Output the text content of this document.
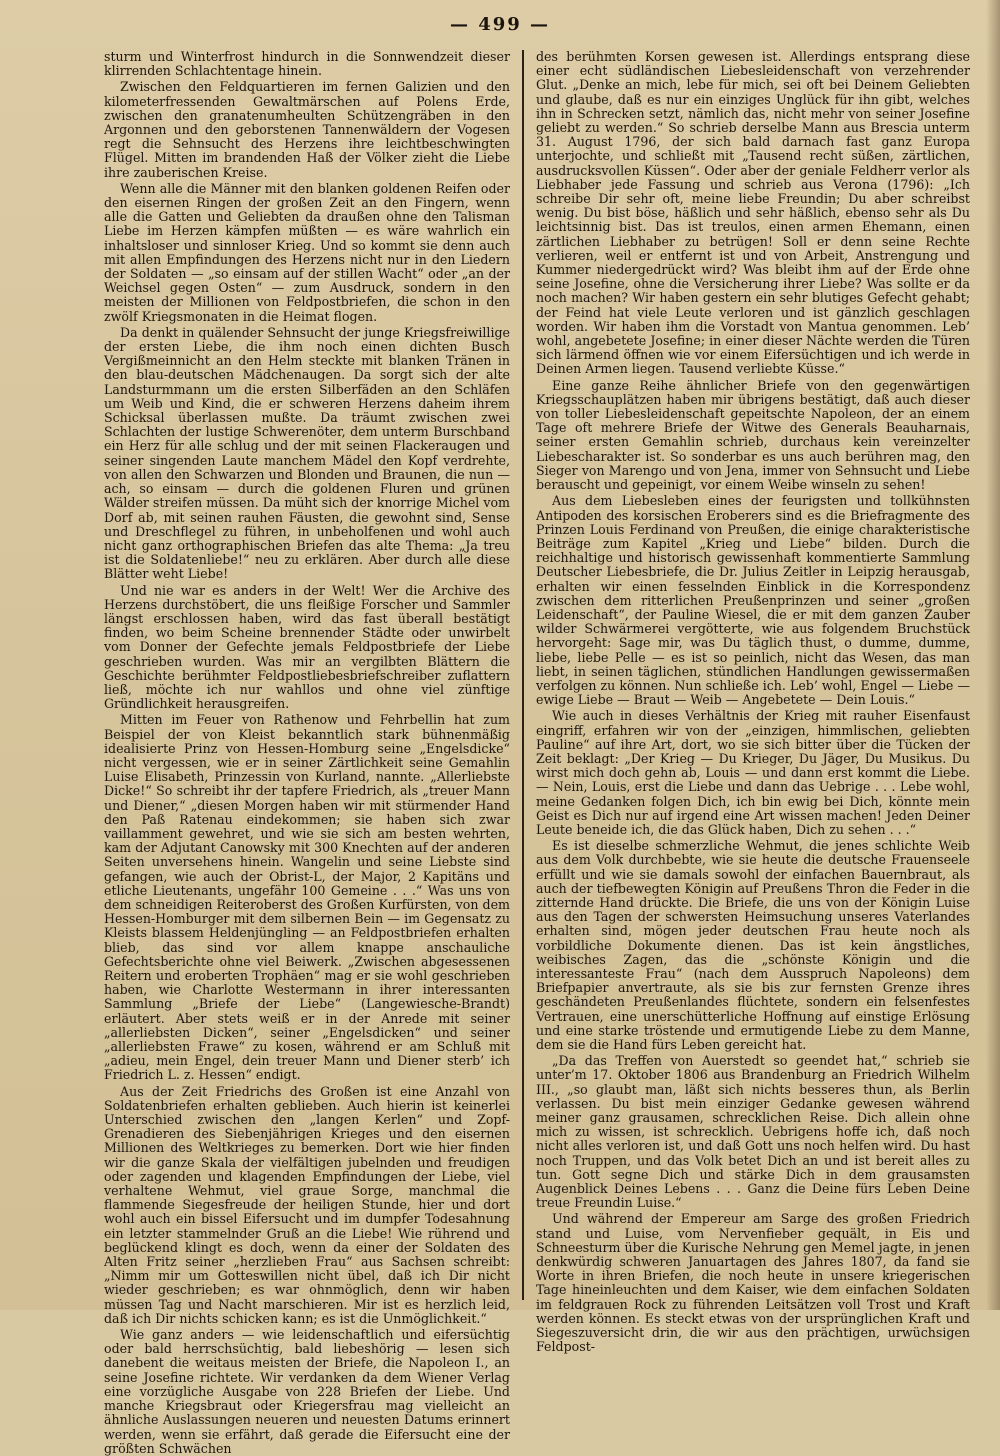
— 499 —

sturm und Winterfrost hindurch in die Sonnwendzeit dieser klirrenden Schlachtentage hinein.

Zwischen den Feldquartieren im fernen Galizien und den kilometerfressenden Gewaltmärschen auf Polens Erde, zwischen den granatenumheulten Schützengräben in den Argonnen und den geborstenen Tannenwäldern der Vogesen regt die Sehnsucht des Herzens ihre leichtbeschwingten Flügel. Mitten im brandenden Haß der Völker zieht die Liebe ihre zauberischen Kreise.

Wenn alle die Männer mit den blanken goldenen Reifen oder den eisernen Ringen der großen Zeit an den Fingern, wenn alle die Gatten und Geliebten da draußen ohne den Talisman Liebe im Herzen kämpfen müßten — es wäre wahrlich ein inhaltsloser und sinnloser Krieg. Und so kommt sie denn auch mit allen Empfindungen des Herzens nicht nur in den Liedern der Soldaten — „so einsam auf der stillen Wacht“ oder „an der Weichsel gegen Osten“ — zum Ausdruck, sondern in den meisten der Millionen von Feldpostbriefen, die schon in den zwölf Kriegsmonaten in die Heimat flogen.

Da denkt in quälender Sehnsucht der junge Kriegsfreiwillige der ersten Liebe, die ihm noch einen dichten Busch Vergißmeinnicht an den Helm steckte mit blanken Tränen in den blau-deutschen Mädchenaugen. Da sorgt sich der alte Landsturmmann um die ersten Silberfäden an den Schläfen um Weib und Kind, die er schweren Herzens daheim ihrem Schicksal überlassen mußte. Da träumt zwischen zwei Schlachten der lustige Schwerenöter, dem unterm Burschband ein Herz für alle schlug und der mit seinen Flackeraugen und seiner singenden Laute manchem Mädel den Kopf verdrehte, von allen den Schwarzen und Blonden und Braunen, die nun — ach, so einsam — durch die goldenen Fluren und grünen Wälder streifen müssen. Da müht sich der knorrige Michel vom Dorf ab, mit seinen rauhen Fäusten, die gewohnt sind, Sense und Dreschflegel zu führen, in unbeholfenen und wohl auch nicht ganz orthographischen Briefen das alte Thema: „Ja treu ist die Soldatenliebe!“ neu zu erklären. Aber durch alle diese Blätter weht Liebe!

Und nie war es anders in der Welt! Wer die Archive des Herzens durchstöbert, die uns fleißige Forscher und Sammler längst erschlossen haben, wird das fast überall bestätigt finden, wo beim Scheine brennender Städte oder unwirbelt vom Donner der Gefechte jemals Feldpostbriefe der Liebe geschrieben wurden. Was mir an vergilbten Blättern die Geschichte berühmter Feldpostliebesbriefschreiber zuflattern ließ, möchte ich nur wahllos und ohne viel zünftige Gründlichkeit herausgreifen.

Mitten im Feuer von Rathenow und Fehrbellin hat zum Beispiel der von Kleist bekanntlich stark bühnenmäßig idealisierte Prinz von Hessen-Homburg seine „Engelsdicke“ nicht vergessen, wie er in seiner Zärtlichkeit seine Gemahlin Luise Elisabeth, Prinzessin von Kurland, nannte. „Allerliebste Dicke!“ So schreibt ihr der tapfere Friedrich, als „treuer Mann und Diener,“ „diesen Morgen haben wir mit stürmender Hand den Paß Ratenau eindekommen; sie haben sich zwar vaillamment gewehret, und wie sie sich am besten wehrten, kam der Adjutant Canowsky mit 300 Knechten auf der anderen Seiten unversehens hinein. Wangelin und seine Liebste sind gefangen, wie auch der Obrist-L, der Major, 2 Kapitäns und etliche Lieutenants, ungefähr 100 Gemeine . . .“ Was uns von dem schneidigen Reiteroberst des Großen Kurfürsten, von dem Hessen-Homburger mit dem silbernen Bein — im Gegensatz zu Kleists blassem Heldenjüngling — an Feldpostbriefen erhalten blieb, das sind vor allem knappe anschauliche Gefechtsberichte ohne viel Beiwerk. „Zwischen abgesessenen Reitern und eroberten Trophäen“ mag er sie wohl geschrieben haben, wie Charlotte Westermann in ihrer interessanten Sammlung „Briefe der Liebe“ (Langewiesche-Brandt) erläutert. Aber stets weiß er in der Anrede mit seiner „allerliebsten Dicken“, seiner „Engelsdicken“ und seiner „allerliebsten Frawe“ zu kosen, während er am Schluß mit „adieu, mein Engel, dein treuer Mann und Diener sterb’ ich Friedrich L. z. Hessen“ endigt.

Aus der Zeit Friedrichs des Großen ist eine Anzahl von Soldatenbriefen erhalten geblieben. Auch hierin ist keinerlei Unterschied zwischen den „langen Kerlen“ und Zopf-Grenadieren des Siebenjährigen Krieges und den eisernen Millionen des Weltkrieges zu bemerken. Dort wie hier finden wir die ganze Skala der vielfältigen jubelnden und freudigen oder zagenden und klagenden Empfindungen der Liebe, viel verhaltene Wehmut, viel graue Sorge, manchmal die flammende Siegesfreude der heiligen Stunde, hier und dort wohl auch ein bissel Eifersucht und im dumpfer Todesahnung ein letzter stammelnder Gruß an die Liebe! Wie rührend und beglückend klingt es doch, wenn da einer der Soldaten des Alten Fritz seiner „herzlieben Frau“ aus Sachsen schreibt: „Nimm mir um Gotteswillen nicht übel, daß ich Dir nicht wieder geschrieben; es war ohnmöglich, denn wir haben müssen Tag und Nacht marschieren. Mir ist es herzlich leid, daß ich Dir nichts schicken kann; es ist die Unmöglichkeit.“

Wie ganz anders — wie leidenschaftlich und eifersüchtig oder bald herrschsüchtig, bald liebeshörig — lesen sich danebent die weitaus meisten der Briefe, die Napoleon I., an seine Josefine richtete. Wir verdanken da dem Wiener Verlag eine vorzügliche Ausgabe von 228 Briefen der Liebe. Und manche Kriegsbraut oder Kriegersfrau mag vielleicht an ähnliche Auslassungen neueren und neuesten Datums erinnert werden, wenn sie erfährt, daß gerade die Eifersucht eine der größten Schwächen

des berühmten Korsen gewesen ist. Allerdings entsprang diese einer echt südländischen Liebesleidenschaft von verzehrender Glut. „Denke an mich, lebe für mich, sei oft bei Deinem Geliebten und glaube, daß es nur ein einziges Unglück für ihn gibt, welches ihn in Schrecken setzt, nämlich das, nicht mehr von seiner Josefine geliebt zu werden.“ So schrieb derselbe Mann aus Brescia unterm 31. August 1796, der sich bald darnach fast ganz Europa unterjochte, und schließt mit „Tausend recht süßen, zärtlichen, ausdrucksvollen Küssen“. Oder aber der geniale Feldherr verlor als Liebhaber jede Fassung und schrieb aus Verona (1796): „Ich schreibe Dir sehr oft, meine liebe Freundin; Du aber schreibst wenig. Du bist böse, häßlich und sehr häßlich, ebenso sehr als Du leichtsinnig bist. Das ist treulos, einen armen Ehemann, einen zärtlichen Liebhaber zu betrügen! Soll er denn seine Rechte verlieren, weil er entfernt ist und von Arbeit, Anstrengung und Kummer niedergedrückt wird? Was bleibt ihm auf der Erde ohne seine Josefine, ohne die Versicherung ihrer Liebe? Was sollte er da noch machen? Wir haben gestern ein sehr blutiges Gefecht gehabt; der Feind hat viele Leute verloren und ist gänzlich geschlagen worden. Wir haben ihm die Vorstadt von Mantua genommen. Leb’ wohl, angebetete Josefine; in einer dieser Nächte werden die Türen sich lärmend öffnen wie vor einem Eifersüchtigen und ich werde in Deinen Armen liegen. Tausend verliebte Küsse.“

Eine ganze Reihe ähnlicher Briefe von den gegenwärtigen Kriegsschauplätzen haben mir übrigens bestätigt, daß auch dieser von toller Liebesleidenschaft gepeitschte Napoleon, der an einem Tage oft mehrere Briefe der Witwe des Generals Beauharnais, seiner ersten Gemahlin schrieb, durchaus kein vereinzelter Liebescharakter ist. So sonderbar es uns auch berühren mag, den Sieger von Marengo und von Jena, immer von Sehnsucht und Liebe berauscht und gepeinigt, vor einem Weibe winseln zu sehen!

Aus dem Liebesleben eines der feurigsten und tollkühnsten Antipoden des korsischen Eroberers sind es die Briefragmente des Prinzen Louis Ferdinand von Preußen, die einige charakteristische Beiträge zum Kapitel „Krieg und Liebe“ bilden. Durch die reichhaltige und historisch gewissenhaft kommentierte Sammlung Deutscher Liebesbriefe, die Dr. Julius Zeitler in Leipzig herausgab, erhalten wir einen fesselnden Einblick in die Korrespondenz zwischen dem ritterlichen Preußenprinzen und seiner „großen Leidenschaft“, der Pauline Wiesel, die er mit dem ganzen Zauber wilder Schwärmerei vergötterte, wie aus folgendem Bruchstück hervorgeht: Sage mir, was Du täglich thust, o dumme, dumme, liebe, liebe Pelle — es ist so peinlich, nicht das Wesen, das man liebt, in seinen täglichen, stündlichen Handlungen gewissermaßen verfolgen zu können. Nun schließe ich. Leb’ wohl, Engel — Liebe — ewige Liebe — Braut — Weib — Angebetete — Dein Louis.“

Wie auch in dieses Verhältnis der Krieg mit rauher Eisenfaust eingriff, erfahren wir von der „einzigen, himmlischen, geliebten Pauline“ auf ihre Art, dort, wo sie sich bitter über die Tücken der Zeit beklagt: „Der Krieg — Du Krieger, Du Jäger, Du Musikus. Du wirst mich doch gehn ab, Louis — und dann erst kommt die Liebe. — Nein, Louis, erst die Liebe und dann das Uebrige . . . Lebe wohl, meine Gedanken folgen Dich, ich bin ewig bei Dich, könnte mein Geist es Dich nur auf irgend eine Art wissen machen! Jeden Deiner Leute beneide ich, die das Glück haben, Dich zu sehen . . .“

Es ist dieselbe schmerzliche Wehmut, die jenes schlichte Weib aus dem Volk durchbebte, wie sie heute die deutsche Frauenseele erfüllt und wie sie damals sowohl der einfachen Bauernbraut, als auch der tiefbewegten Königin auf Preußens Thron die Feder in die zitternde Hand drückte. Die Briefe, die uns von der Königin Luise aus den Tagen der schwersten Heimsuchung unseres Vaterlandes erhalten sind, mögen jeder deutschen Frau heute noch als vorbildliche Dokumente dienen. Das ist kein ängstliches, weibisches Zagen, das die „schönste Königin und die interessanteste Frau“ (nach dem Ausspruch Napoleons) dem Briefpapier anvertraute, als sie bis zur fernsten Grenze ihres geschändeten Preußenlandes flüchtete, sondern ein felsenfestes Vertrauen, eine unerschütterliche Hoffnung auf einstige Erlösung und eine starke tröstende und ermutigende Liebe zu dem Manne, dem sie die Hand fürs Leben gereicht hat.

„Da das Treffen von Auerstedt so geendet hat,“ schrieb sie unter’m 17. Oktober 1806 aus Brandenburg an Friedrich Wilhelm III., „so glaubt man, läßt sich nichts besseres thun, als Berlin verlassen. Du bist mein einziger Gedanke gewesen während meiner ganz grausamen, schrecklichen Reise. Dich allein ohne mich zu wissen, ist schrecklich. Uebrigens hoffe ich, daß noch nicht alles verloren ist, und daß Gott uns noch helfen wird. Du hast noch Truppen, und das Volk betet Dich an und ist bereit alles zu tun. Gott segne Dich und stärke Dich in dem grausamsten Augenblick Deines Lebens . . . Ganz die Deine fürs Leben Deine treue Freundin Luise.“

Und während der Empereur am Sarge des großen Friedrich stand und Luise, vom Nervenfieber gequält, in Eis und Schneesturm über die Kurische Nehrung gen Memel jagte, in jenen denkwürdig schweren Januartagen des Jahres 1807, da fand sie Worte in ihren Briefen, die noch heute in unsere kriegerischen Tage hineinleuchten und dem Kaiser, wie dem einfachen Soldaten im feldgrauen Rock zu führenden Leitsätzen voll Trost und Kraft werden können. Es steckt etwas von der ursprünglichen Kraft und Siegeszuversicht drin, die wir aus den prächtigen, urwüchsigen Feldpost-
